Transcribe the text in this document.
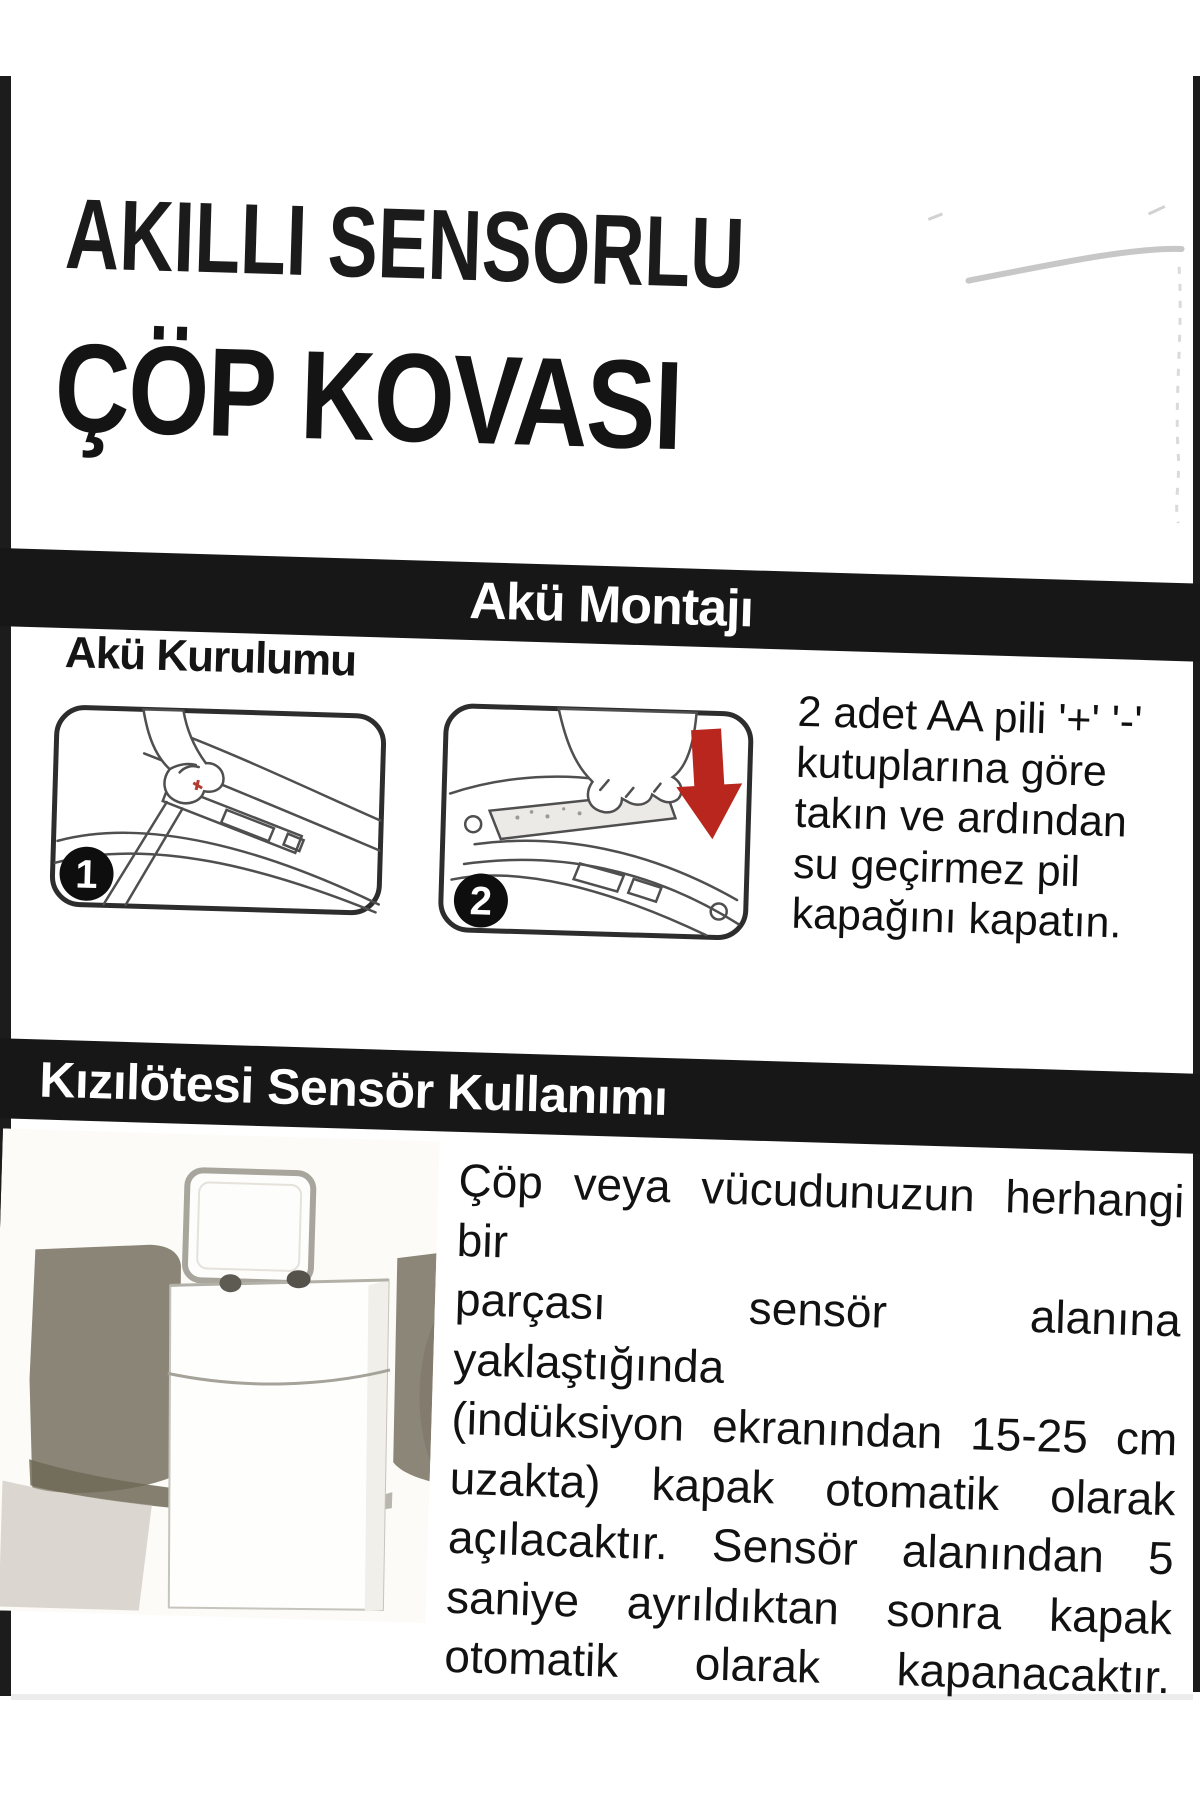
AKILLI SENSORLU
ÇÖP KOVASI
Akü Montajı
Akü Kurulumu
1
2
2 adet AA pili '+' '-'
kutuplarına göre
takın ve ardından
su geçirmez pil
kapağını kapatın.
Kızılötesi Sensör Kullanımı
Çöp veya vücudunuzun herhangi bir
parçası sensör alanına yaklaştığında
(indüksiyon ekranından 15-25 cm
uzakta) kapak otomatik olarak
açılacaktır. Sensör alanından 5
saniye ayrıldıktan sonra kapak
otomatik olarak kapanacaktır.
